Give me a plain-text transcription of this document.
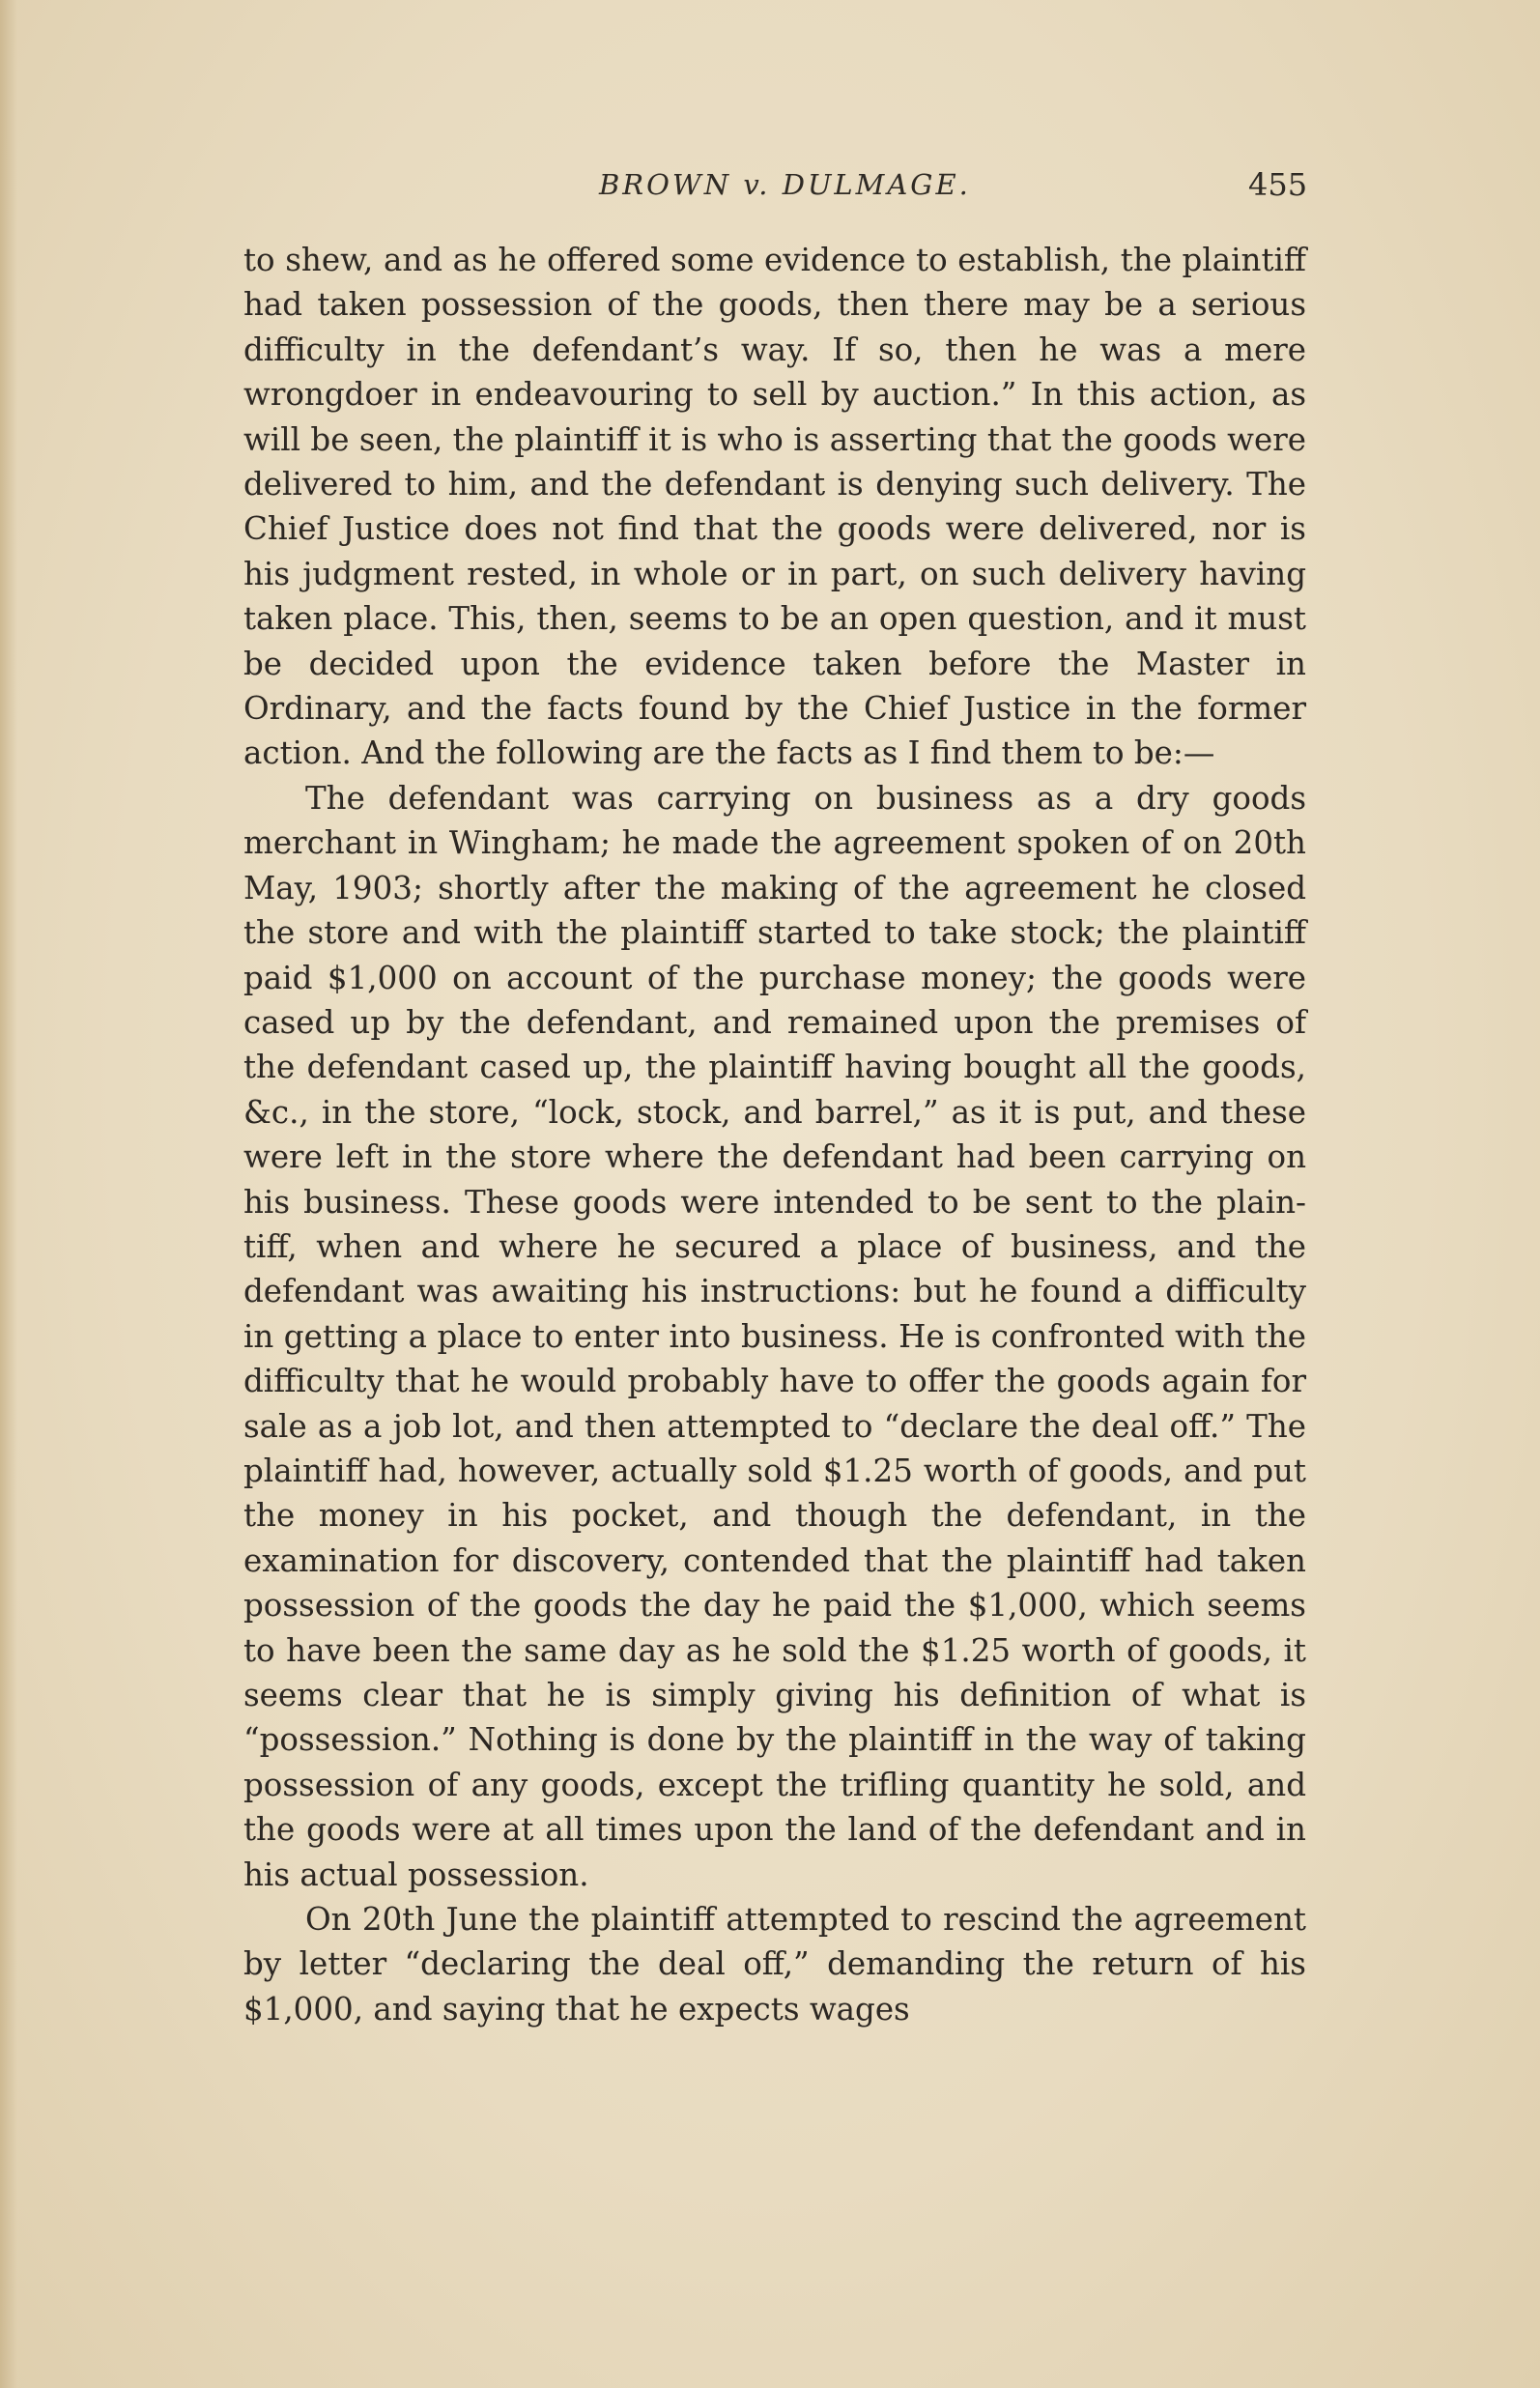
BROWN v. DULMAGE.	455

to shew, and as he offered some evidence to establish, the plaintiff had taken possession of the goods, then there may be a serious difficulty in the defendant’s way. If so, then he was a mere wrongdoer in endeavouring to sell by auction.” In this action, as will be seen, the plaintiff it is who is asserting that the goods were delivered to him, and the defendant is denying such delivery. The Chief Justice does not find that the goods were delivered, nor is his judgment rested, in whole or in part, on such delivery having taken place. This, then, seems to be an open question, and it must be decided upon the evidence taken before the Master in Ordinary, and the facts found by the Chief Justice in the former action. And the following are the facts as I find them to be:—

The defendant was carrying on business as a dry goods merchant in Wingham; he made the agreement spoken of on 20th May, 1903; shortly after the making of the agreement he closed the store and with the plaintiff started to take stock; the plaintiff paid $1,000 on account of the purchase money; the goods were cased up by the defendant, and remained upon the premises of the defendant cased up, the plaintiff having bought all the goods, &c., in the store, “lock, stock, and barrel,” as it is put, and these were left in the store where the defendant had been carrying on his business. These goods were intended to be sent to the plaintiff, when and where he secured a place of business, and the defendant was awaiting his instructions: but he found a difficulty in getting a place to enter into business. He is confronted with the difficulty that he would probably have to offer the goods again for sale as a job lot, and then attempted to “declare the deal off.” The plaintiff had, however, actually sold $1.25 worth of goods, and put the money in his pocket, and though the defendant, in the examination for discovery, contended that the plaintiff had taken possession of the goods the day he paid the $1,000, which seems to have been the same day as he sold the $1.25 worth of goods, it seems clear that he is simply giving his definition of what is “possession.” Nothing is done by the plaintiff in the way of taking possession of any goods, except the trifling quantity he sold, and the goods were at all times upon the land of the defendant and in his actual possession.

On 20th June the plaintiff attempted to rescind the agreement by letter “declaring the deal off,” demanding the return of his $1,000, and saying that he expects wages
